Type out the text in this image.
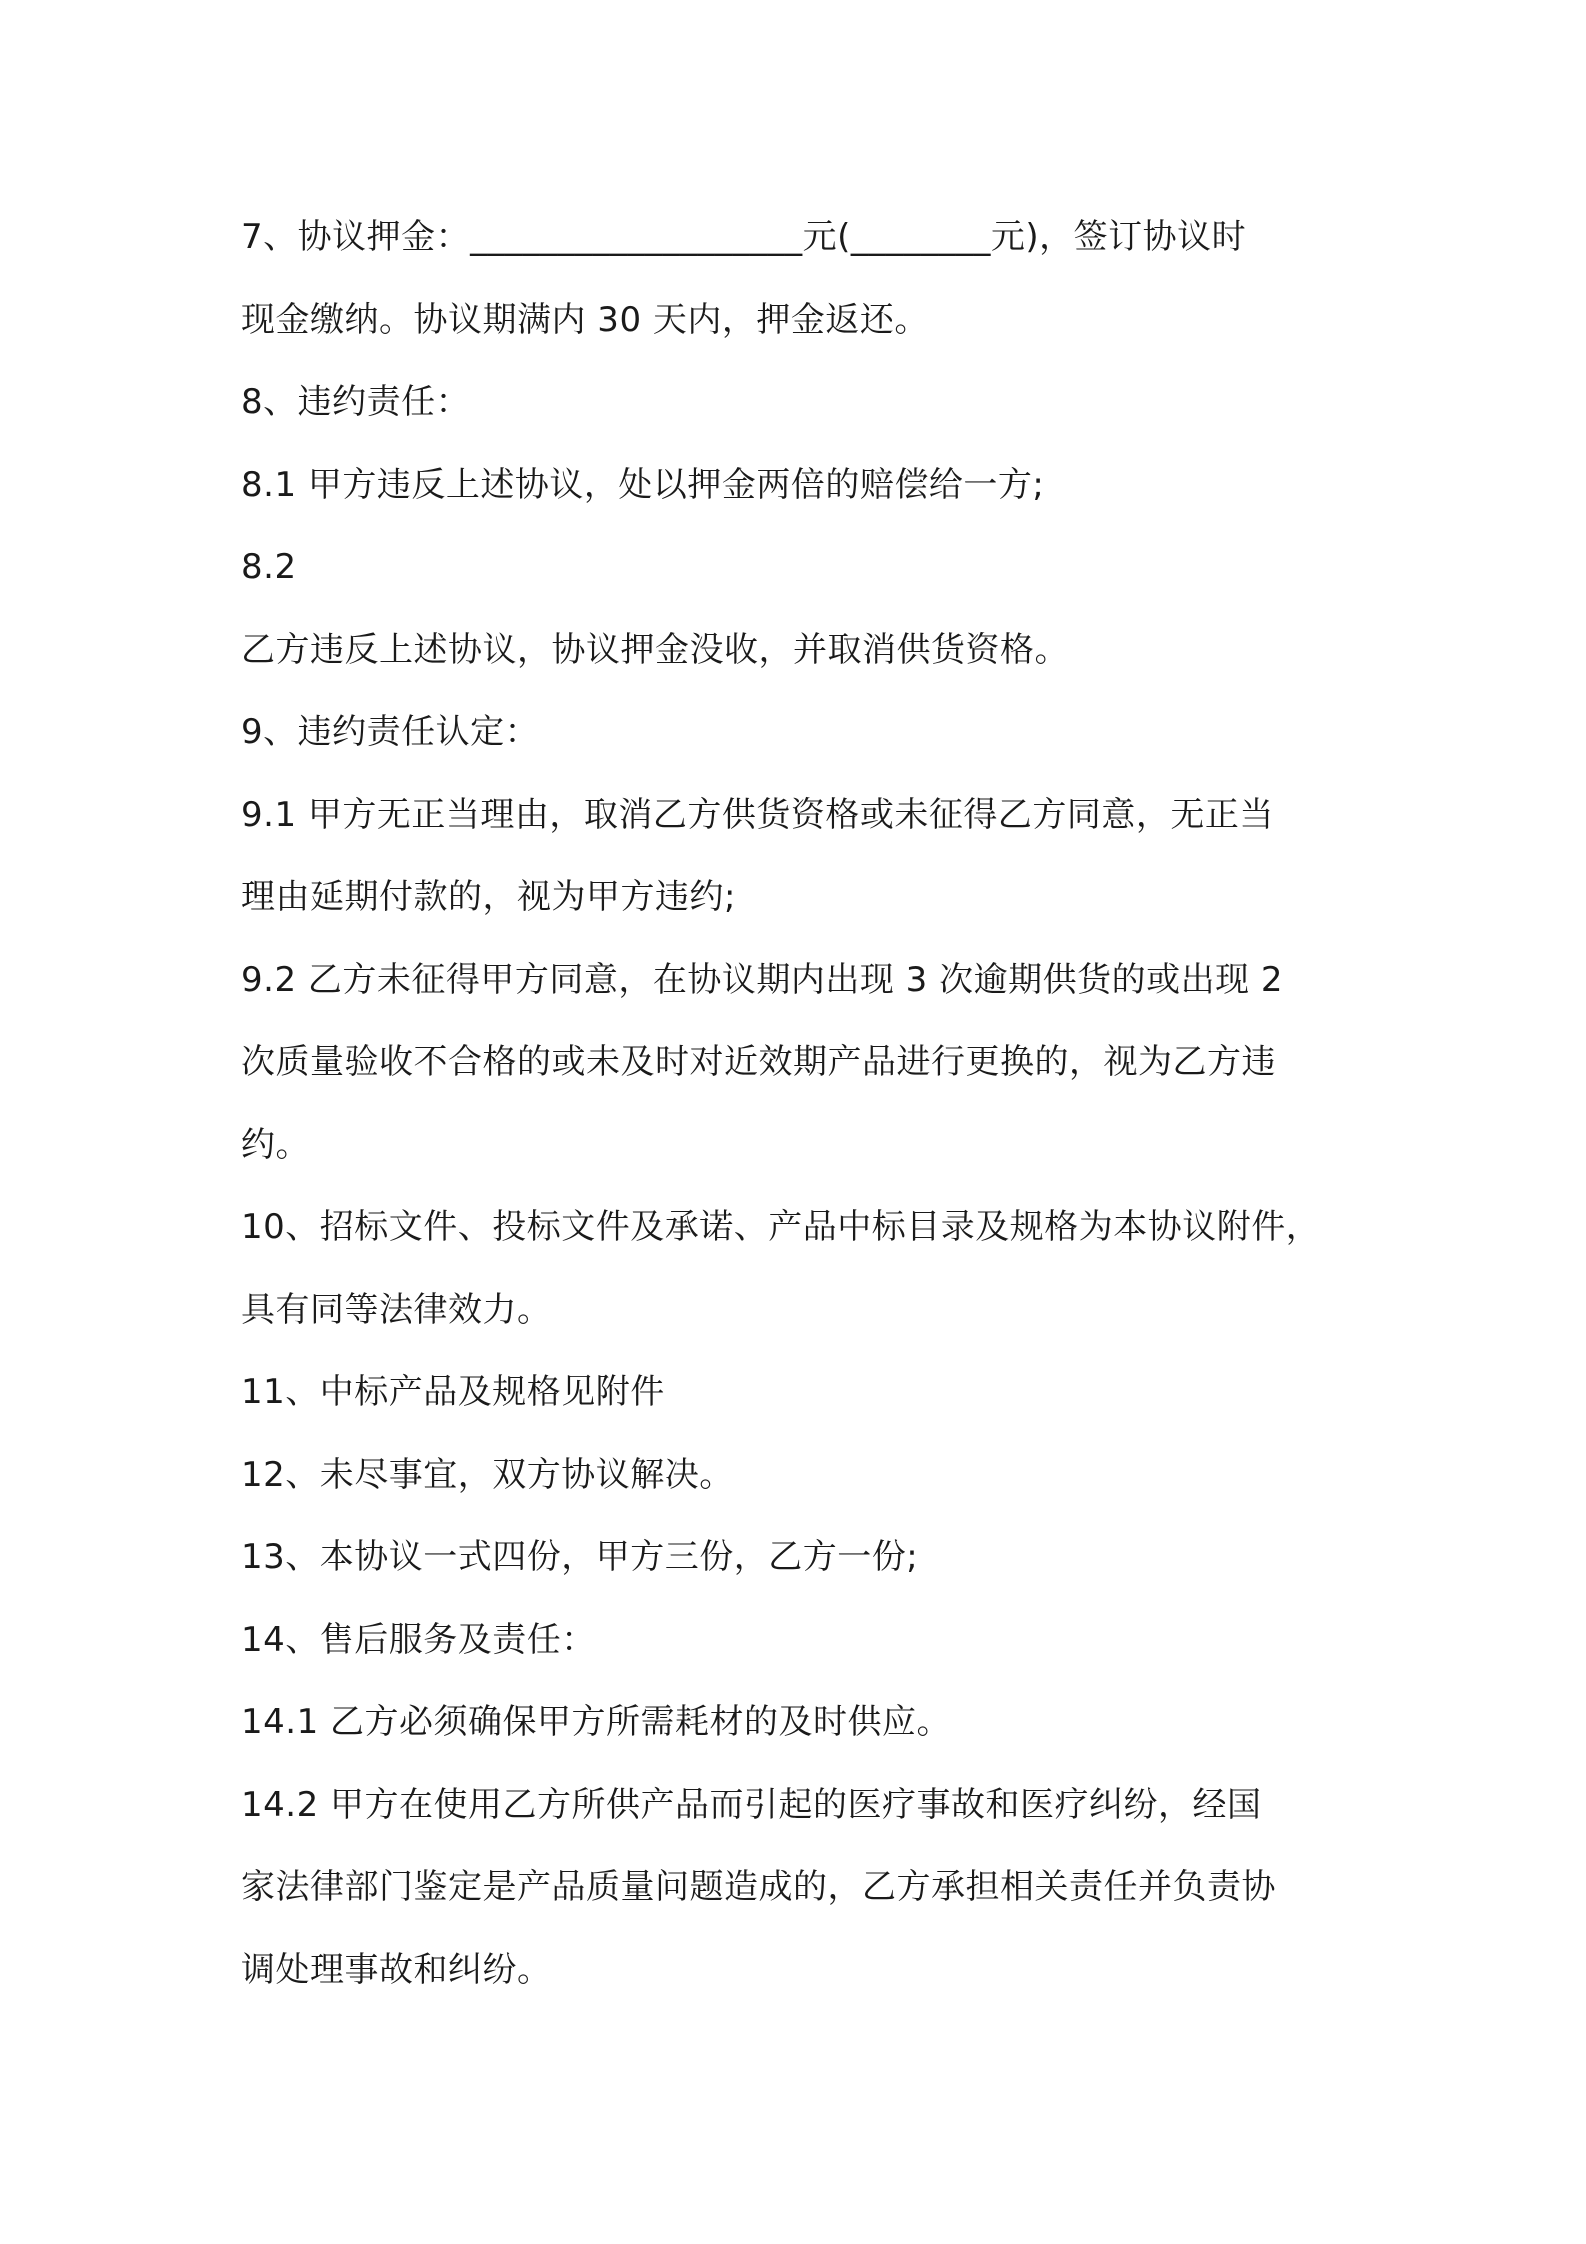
7、协议押金：___________________元(________元)，签订协议时
现金缴纳。协议期满内 30 天内，押金返还。
8、违约责任：
8.1 甲方违反上述协议，处以押金两倍的赔偿给一方;
8.2
乙方违反上述协议，协议押金没收，并取消供货资格。
9、违约责任认定：
9.1 甲方无正当理由，取消乙方供货资格或未征得乙方同意，无正当
理由延期付款的，视为甲方违约;
9.2 乙方未征得甲方同意，在协议期内出现 3 次逾期供货的或出现 2
次质量验收不合格的或未及时对近效期产品进行更换的，视为乙方违
约。
10、招标文件、投标文件及承诺、产品中标目录及规格为本协议附件，
具有同等法律效力。
11、中标产品及规格见附件
12、未尽事宜，双方协议解决。
13、本协议一式四份，甲方三份，乙方一份;
14、售后服务及责任：
14.1 乙方必须确保甲方所需耗材的及时供应。
14.2 甲方在使用乙方所供产品而引起的医疗事故和医疗纠纷，经国
家法律部门鉴定是产品质量问题造成的，乙方承担相关责任并负责协
调处理事故和纠纷。
